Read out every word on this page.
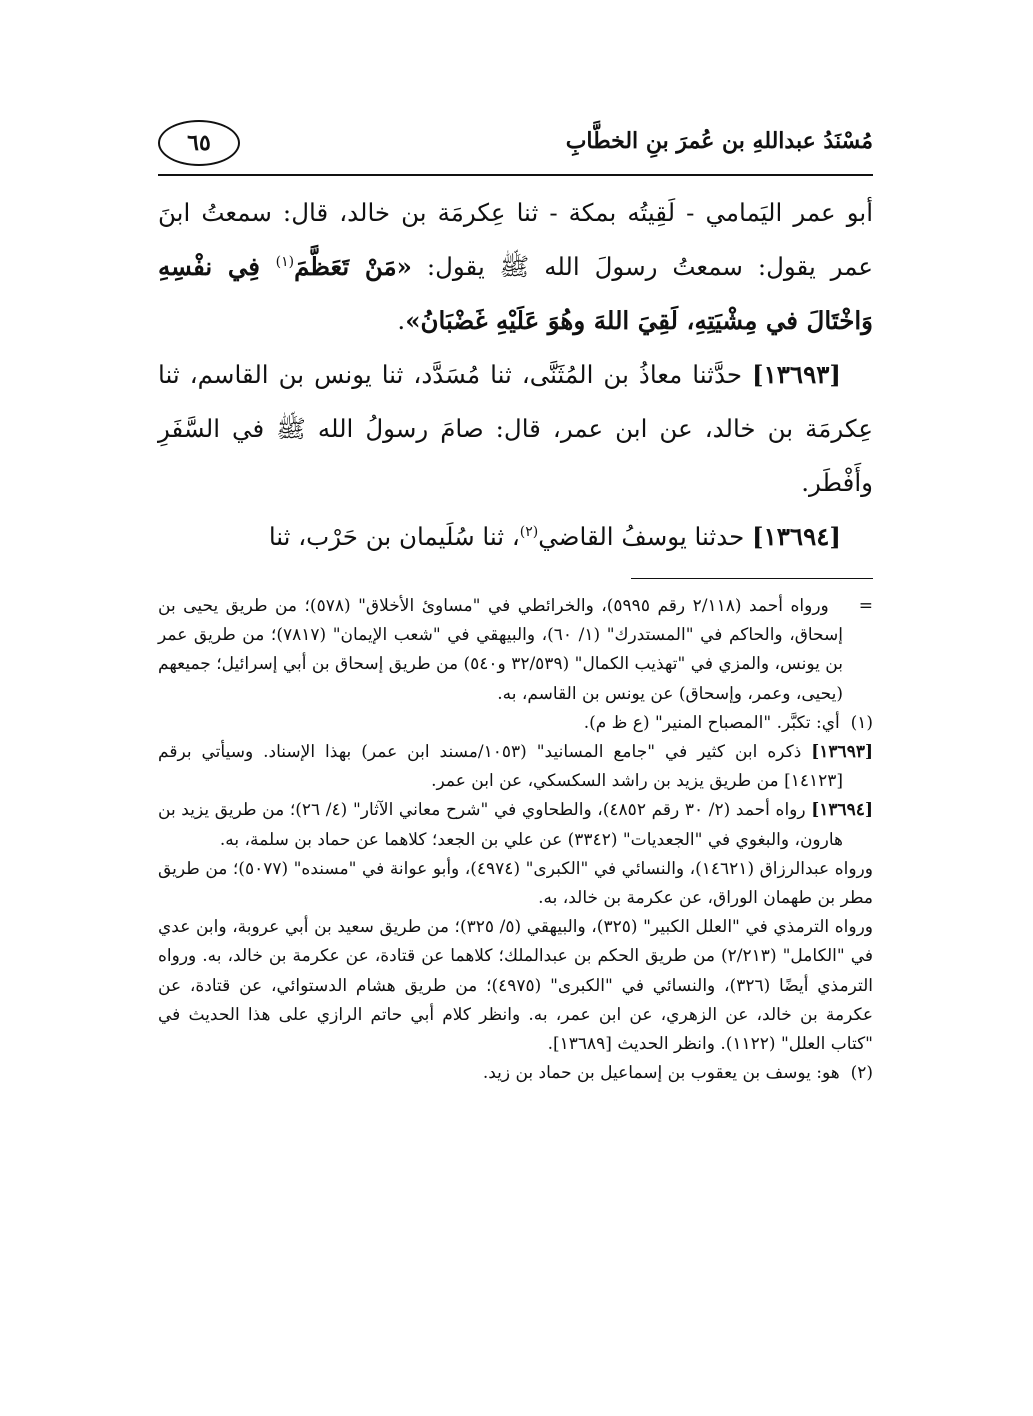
مُسْنَدُ عبداللهِ بن عُمرَ بنِ الخطَّابِ
٦٥

أبو عمر اليَمامي - لَقِيتُه بمكة - ثنا عِكرمَة بن خالد، قال: سمعتُ ابنَ عمر يقول: سمعتُ رسولَ الله ﷺ يقول: «مَنْ تَعَظَّمَ$^{(١)}$ فِي نفْسِهِ وَاخْتَالَ في مِشْيَتِهِ، لَقِيَ اللهَ وهُوَ عَلَيْهِ غَضْبَانُ».

[١٣٦٩٣] حدَّثنا معاذُ بن المُثَنَّى، ثنا مُسَدَّد، ثنا يونس بن القاسم، ثنا عِكرمَة بن خالد، عن ابن عمر، قال: صامَ رسولُ الله ﷺ في السَّفَرِ وأَفْطَر.

[١٣٦٩٤] حدثنا يوسفُ القاضي$^{(٢)}$، ثنا سُلَيمان بن حَرْب، ثنا

=    ورواه أحمد (٢/١١٨ رقم ٥٩٩٥)، والخرائطي في "مساوئ الأخلاق" (٥٧٨)؛ من طريق يحيى بن إسحاق، والحاكم في "المستدرك" (١/ ٦٠)، والبيهقي في "شعب الإيمان" (٧٨١٧)؛ من طريق عمر بن يونس، والمزي في "تهذيب الكمال" (٣٢/٥٣٩ و٥٤٠) من طريق إسحاق بن أبي إسرائيل؛ جميعهم (يحيى، وعمر، وإسحاق) عن يونس بن القاسم، به.

(١)  أي: تكبَّر. "المصباح المنير" (ع ظ م).

[١٣٦٩٣] ذكره ابن كثير في "جامع المسانيد" (١٠٥٣/مسند ابن عمر) بهذا الإسناد. وسيأتي برقم [١٤١٢٣] من طريق يزيد بن راشد السكسكي، عن ابن عمر.

[١٣٦٩٤] رواه أحمد (٢/ ٣٠ رقم ٤٨٥٢)، والطحاوي في "شرح معاني الآثار" (٤/ ٢٦)؛ من طريق يزيد بن هارون، والبغوي في "الجعديات" (٣٣٤٢) عن علي بن الجعد؛ كلاهما عن حماد بن سلمة، به.

ورواه عبدالرزاق (١٤٦٢١)، والنسائي في "الكبرى" (٤٩٧٤)، وأبو عوانة في "مسنده" (٥٠٧٧)؛ من طريق مطر بن طهمان الوراق، عن عكرمة بن خالد، به.

ورواه الترمذي في "العلل الكبير" (٣٢٥)، والبيهقي (٥/ ٣٢٥)؛ من طريق سعيد بن أبي عروبة، وابن عدي في "الكامل" (٢/٢١٣) من طريق الحكم بن عبدالملك؛ كلاهما عن قتادة، عن عكرمة بن خالد، به. ورواه الترمذي أيضًا (٣٢٦)، والنسائي في "الكبرى" (٤٩٧٥)؛ من طريق هشام الدستوائي، عن قتادة، عن عكرمة بن خالد، عن الزهري، عن ابن عمر، به. وانظر كلام أبي حاتم الرازي على هذا الحديث في "كتاب العلل" (١١٢٢). وانظر الحديث [١٣٦٨٩].

(٢)  هو: يوسف بن يعقوب بن إسماعيل بن حماد بن زيد.
